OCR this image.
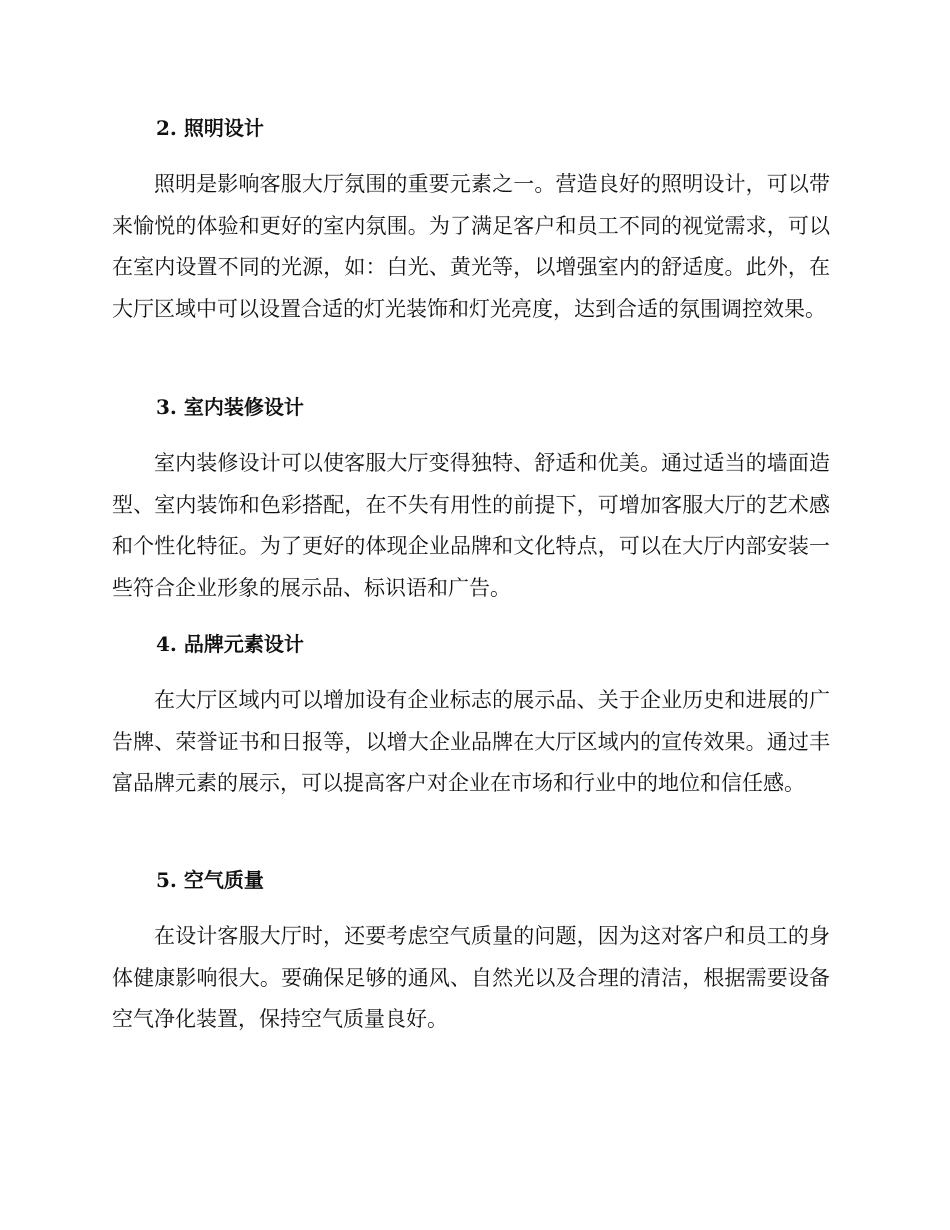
2. 照明设计
照明是影响客服大厅氛围的重要元素之一。营造良好的照明设计，可以带来愉悦的体验和更好的室内氛围。为了满足客户和员工不同的视觉需求，可以在室内设置不同的光源，如：白光、黄光等，以增强室内的舒适度。此外，在大厅区域中可以设置合适的灯光装饰和灯光亮度，达到合适的氛围调控效果。
3. 室内装修设计
室内装修设计可以使客服大厅变得独特、舒适和优美。通过适当的墙面造型、室内装饰和色彩搭配，在不失有用性的前提下，可增加客服大厅的艺术感和个性化特征。为了更好的体现企业品牌和文化特点，可以在大厅内部安装一些符合企业形象的展示品、标识语和广告。
4. 品牌元素设计
在大厅区域内可以增加设有企业标志的展示品、关于企业历史和进展的广告牌、荣誉证书和日报等，以增大企业品牌在大厅区域内的宣传效果。通过丰富品牌元素的展示，可以提高客户对企业在市场和行业中的地位和信任感。
5. 空气质量
在设计客服大厅时，还要考虑空气质量的问题，因为这对客户和员工的身体健康影响很大。要确保足够的通风、自然光以及合理的清洁，根据需要设备空气净化装置，保持空气质量良好。
